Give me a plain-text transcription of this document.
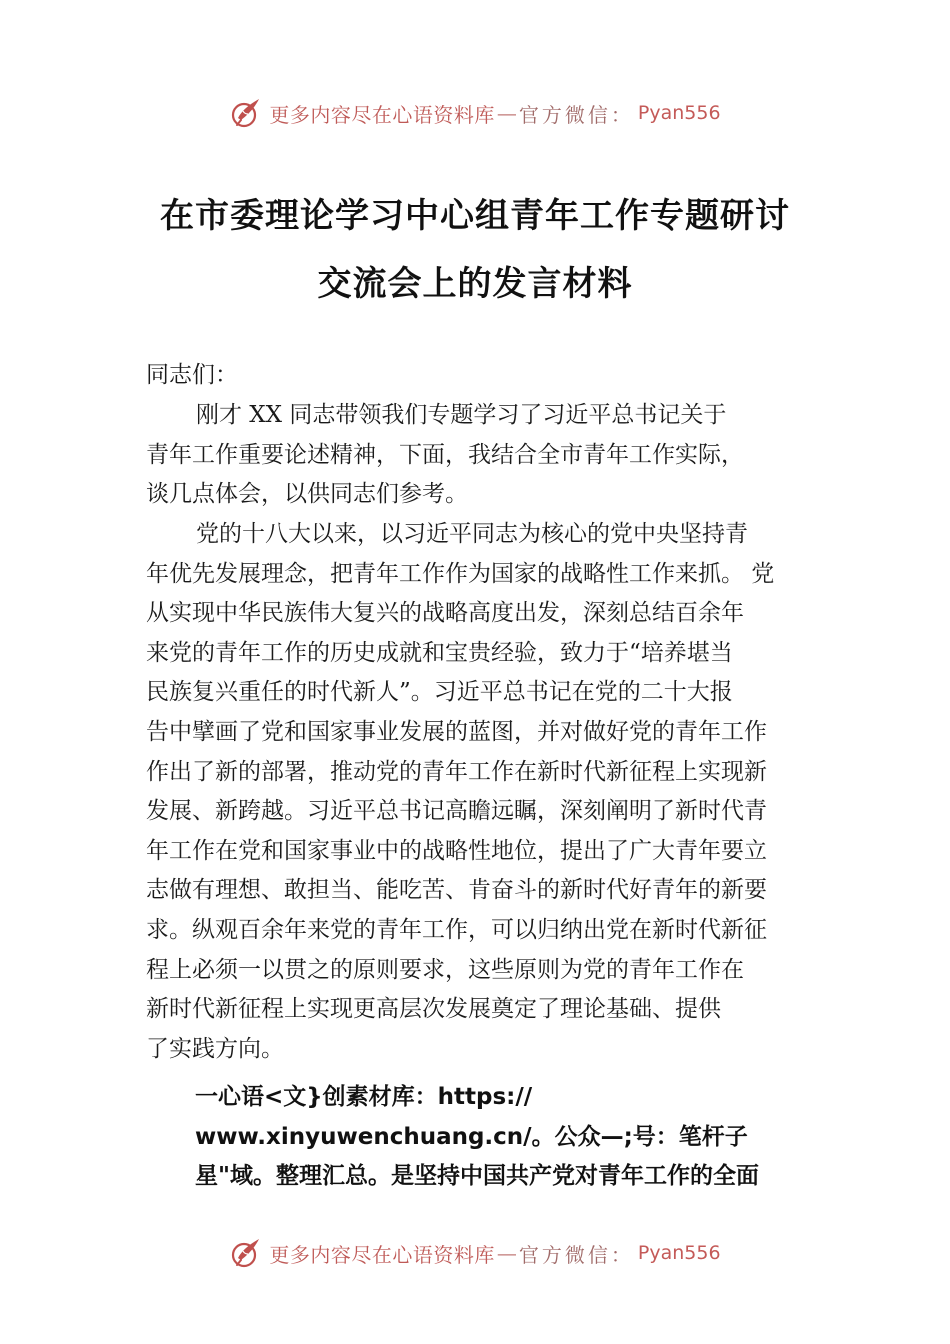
更多内容尽在心语资料库 — 官方微信： Pyan556
在市委理论学习中心组青年工作专题研讨
交流会上的发言材料
同志们：
刚才 XX 同志带领我们专题学习了习近平总书记关于
青年工作重要论述精神，下面，我结合全市青年工作实际，
谈几点体会，以供同志们参考。
党的十八大以来，以习近平同志为核心的党中央坚持青
年优先发展理念，把青年工作作为国家的战略性工作来抓。 党
从实现中华民族伟大复兴的战略高度出发，深刻总结百余年
来党的青年工作的历史成就和宝贵经验，致力于“培养堪当
民族复兴重任的时代新人”。习近平总书记在党的二十大报
告中擘画了党和国家事业发展的蓝图，并对做好党的青年工作
作出了新的部署，推动党的青年工作在新时代新征程上实现新
发展、新跨越。习近平总书记高瞻远瞩，深刻阐明了新时代青
年工作在党和国家事业中的战略性地位，提出了广大青年要立
志做有理想、敢担当、能吃苦、肯奋斗的新时代好青年的新要
求。纵观百余年来党的青年工作，可以归纳出党在新时代新征
程上必须一以贯之的原则要求，这些原则为党的青年工作在
新时代新征程上实现更高层次发展奠定了理论基础、提供
了实践方向。
一心语<文}创素材库：https://
www.xinyuwenchuang.cn/。公众—;号：笔杆子
星"域。整理汇总。是坚持中国共产党对青年工作的全面
更多内容尽在心语资料库 — 官方微信： Pyan556
